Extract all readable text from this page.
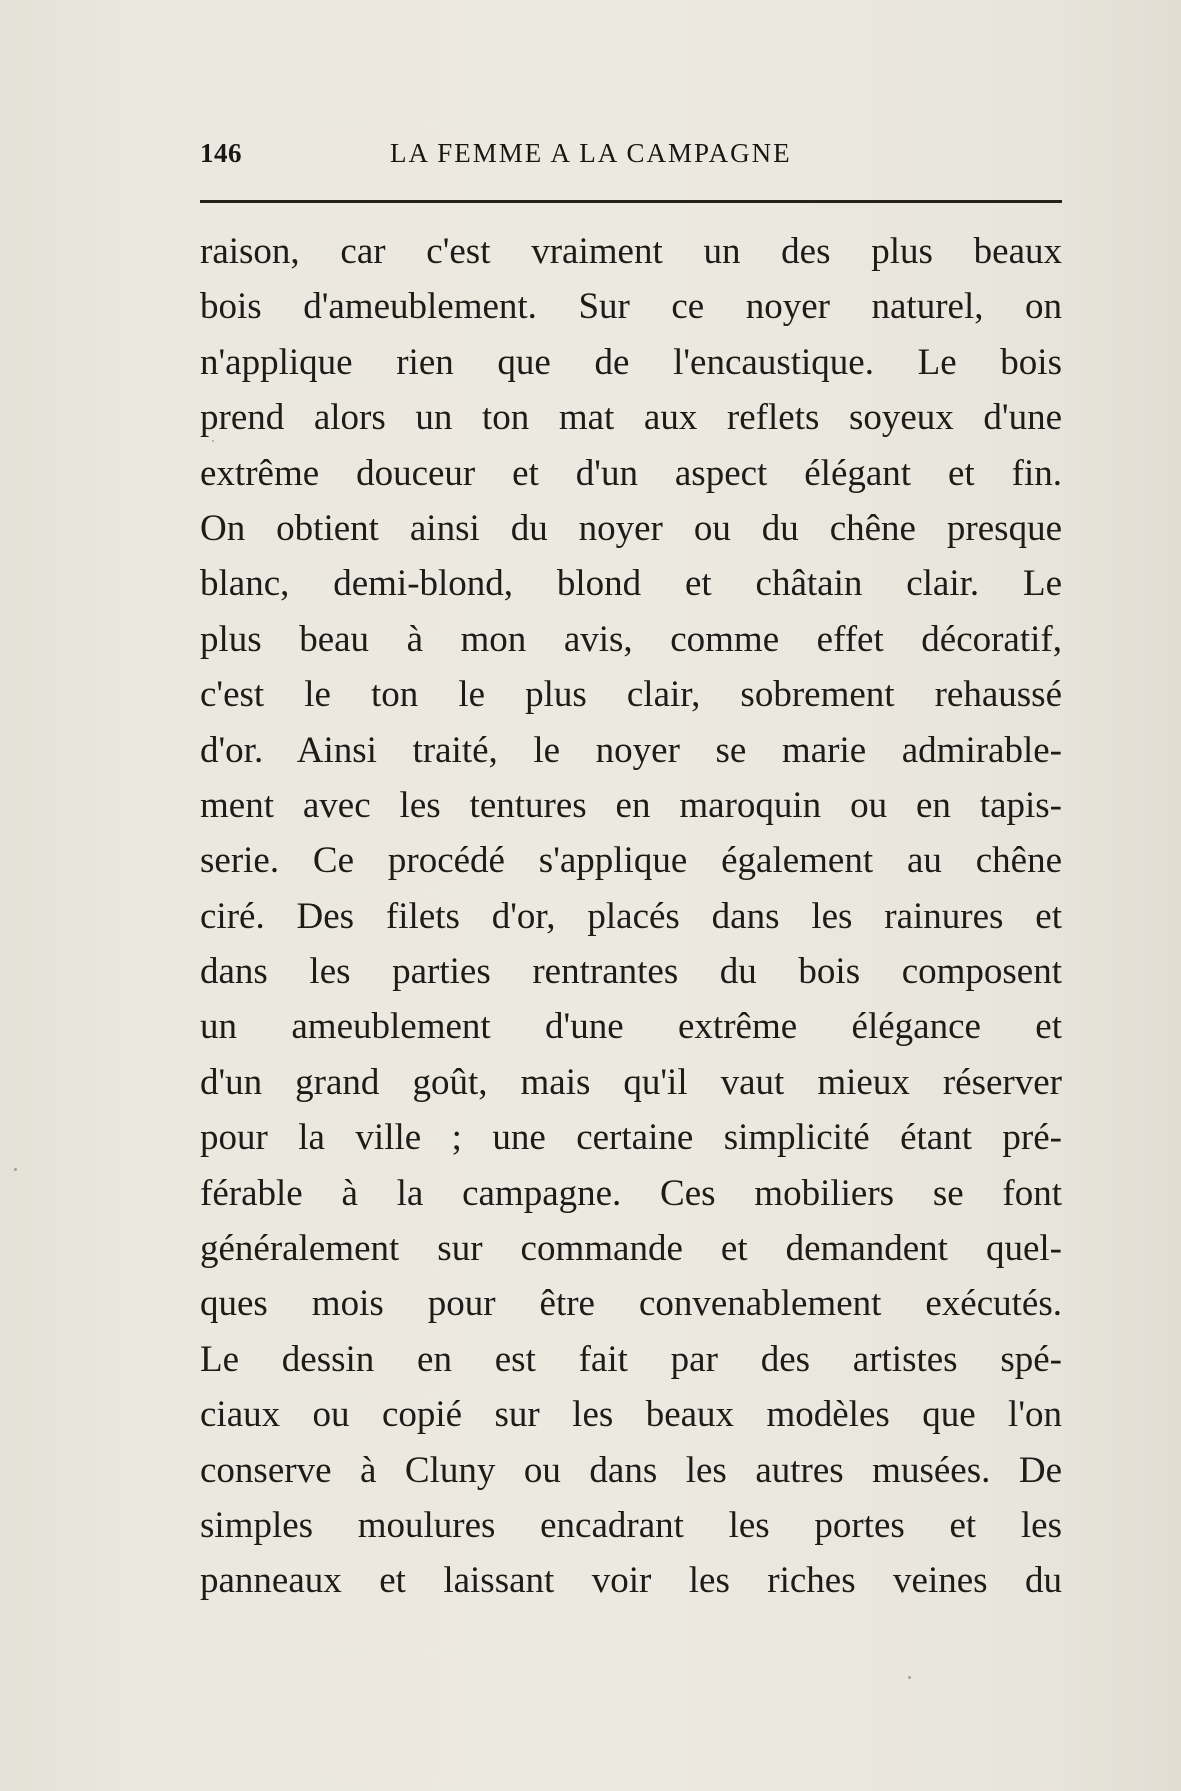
146	LA FEMME A LA CAMPAGNE
raison, car c'est vraiment un des plus beaux
bois d'ameublement. Sur ce noyer naturel, on
n'applique rien que de l'encaustique. Le bois
prend alors un ton mat aux reflets soyeux d'une
extrême douceur et d'un aspect élégant et fin.
On obtient ainsi du noyer ou du chêne presque
blanc, demi-blond, blond et châtain clair. Le
plus beau à mon avis, comme effet décoratif,
c'est le ton le plus clair, sobrement rehaussé
d'or. Ainsi traité, le noyer se marie admirable-
ment avec les tentures en maroquin ou en tapis-
serie. Ce procédé s'applique également au chêne
ciré. Des filets d'or, placés dans les rainures et
dans les parties rentrantes du bois composent
un ameublement d'une extrême élégance et
d'un grand goût, mais qu'il vaut mieux réserver
pour la ville ; une certaine simplicité étant pré-
férable à la campagne. Ces mobiliers se font
généralement sur commande et demandent quel-
ques mois pour être convenablement exécutés.
Le dessin en est fait par des artistes spé-
ciaux ou copié sur les beaux modèles que l'on
conserve à Cluny ou dans les autres musées. De
simples moulures encadrant les portes et les
panneaux et laissant voir les riches veines du
